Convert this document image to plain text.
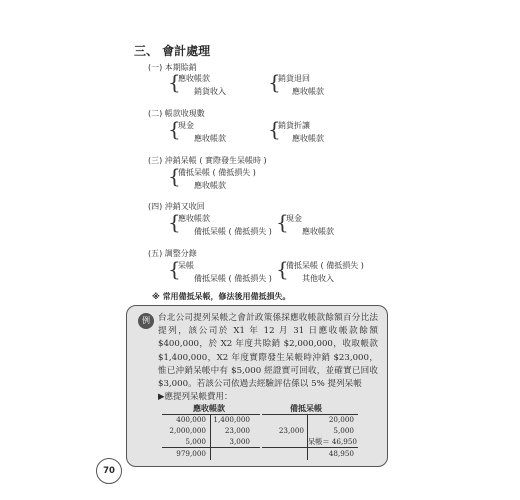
三、 會計處理
(一) 本期賒銷
{
應收帳款
銷貨收入 {
銷貨退回
應收帳款
(二) 帳款收現數
{
現金
應收帳款 {
銷貨折讓
應收帳款
(三) 沖銷呆帳 ( 實際發生呆帳時 )
{
備抵呆帳 ( 備抵損失 )
應收帳款
(四) 沖銷又收回
{
應收帳款
備抵呆帳 ( 備抵損失 ) {
現金
應收帳款
(五) 調整分錄
{
呆帳
備抵呆帳 ( 備抵損失 ) {
備抵呆帳 ( 備抵損失 )
其他收入
※ 常用備抵呆帳，修法後用備抵損失。
例 台北公司提列呆帳之會計政策係採應收帳款餘額百分比法提列，該公司於 X1 年 12 月 31 日應收帳款餘額 $400,000，於 X2 年度共賒銷 $2,000,000，收取帳款 $1,400,000，X2 年度實際發生呆帳時沖銷 $23,000，惟已沖銷呆帳中有 $5,000 經證實可回收，並確實已回收 $3,000。若該公司依過去經驗評估係以 5% 提列呆帳
▶應提列呆帳費用：
應收帳款
400,000
2,000,000
5,000
979,000
1,400,000
23,000
3,000
備抵呆帳
23,000
20,000
5,000
呆帳＝ 46,950
48,950
70
